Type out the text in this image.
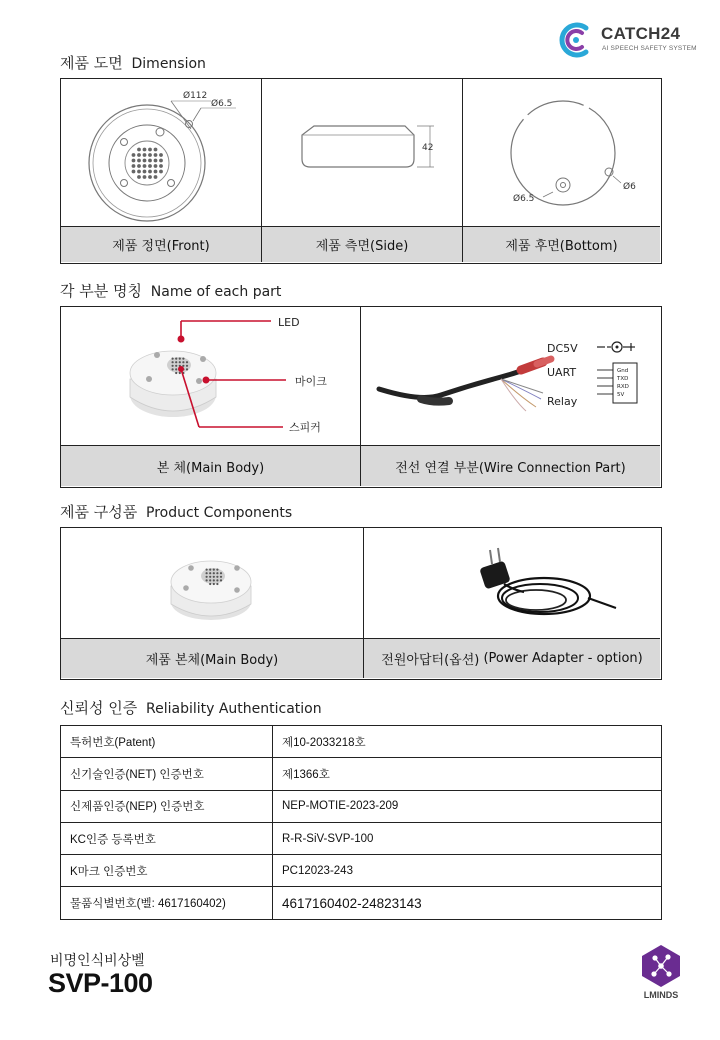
CATCH24
AI SPEECH SAFETY SYSTEM
제품 도면 Dimension
Ø112
Ø6.5
제품 정면(Front)
42
제품 측면(Side)
Ø6.5
Ø6
제품 후면(Bottom)
각 부분 명칭 Name of each part
LED
마이크
스피커
본 체(Main Body)
DC5V
UART
Relay
Gnd
TXD
RXD
5V
전선 연결 부분(Wire Connection Part)
제품 구성품 Product Components
제품 본체(Main Body)	전원아답터(옵션)
(Power Adapter - option)
신뢰성 인증 Reliability Authentication
특허번호(Patent)	제10-2033218호
신기술인증(NET) 인증번호	제1366호
신제품인증(NEP) 인증번호	NEP-MOTIE-2023-209
KC인증 등록번호	R-R-SiV-SVP-100
K마크 인증번호	PC12023-243
물품식별번호(벨: 4617160402)	4617160402-24823143
비명인식비상벨
SVP-100	LMINDS
